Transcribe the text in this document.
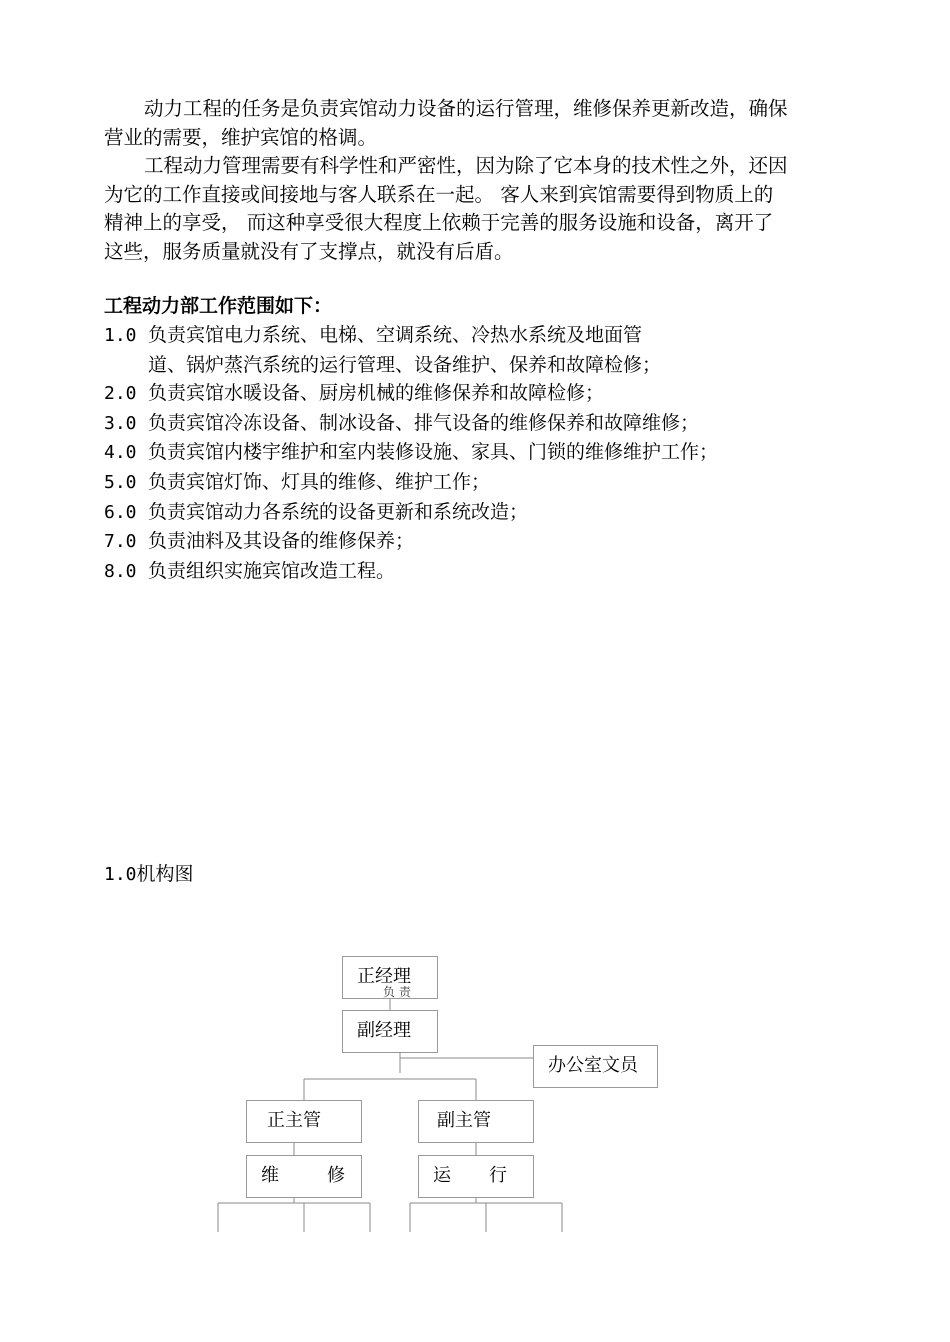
动力工程的任务是负责宾馆动力设备的运行管理，维修保养更新改造，确保
营业的需要，维护宾馆的格调。
工程动力管理需要有科学性和严密性，因为除了它本身的技术性之外，还因
为它的工作直接或间接地与客人联系在一起。 客人来到宾馆需要得到物质上的
精神上的享受， 而这种享受很大程度上依赖于完善的服务设施和设备，离开了
这些，服务质量就没有了支撑点，就没有后盾。
工程动力部工作范围如下：
1.0 负责宾馆电力系统、电梯、空调系统、冷热水系统及地面管
道、锅炉蒸汽系统的运行管理、设备维护、保养和故障检修；
2.0 负责宾馆水暖设备、厨房机械的维修保养和故障检修；
3.0 负责宾馆冷冻设备、制冰设备、排气设备的维修保养和故障维修；
4.0 负责宾馆内楼宇维护和室内装修设施、家具、门锁的维修维护工作；
5.0 负责宾馆灯饰、灯具的维修、维护工作；
6.0 负责宾馆动力各系统的设备更新和系统改造；
7.0 负责油料及其设备的维修保养；
8.0 负责组织实施宾馆改造工程。
1.0机构图
正经理
负 责
副经理
办公室文员
正主管	副主管
维	修	运 行
